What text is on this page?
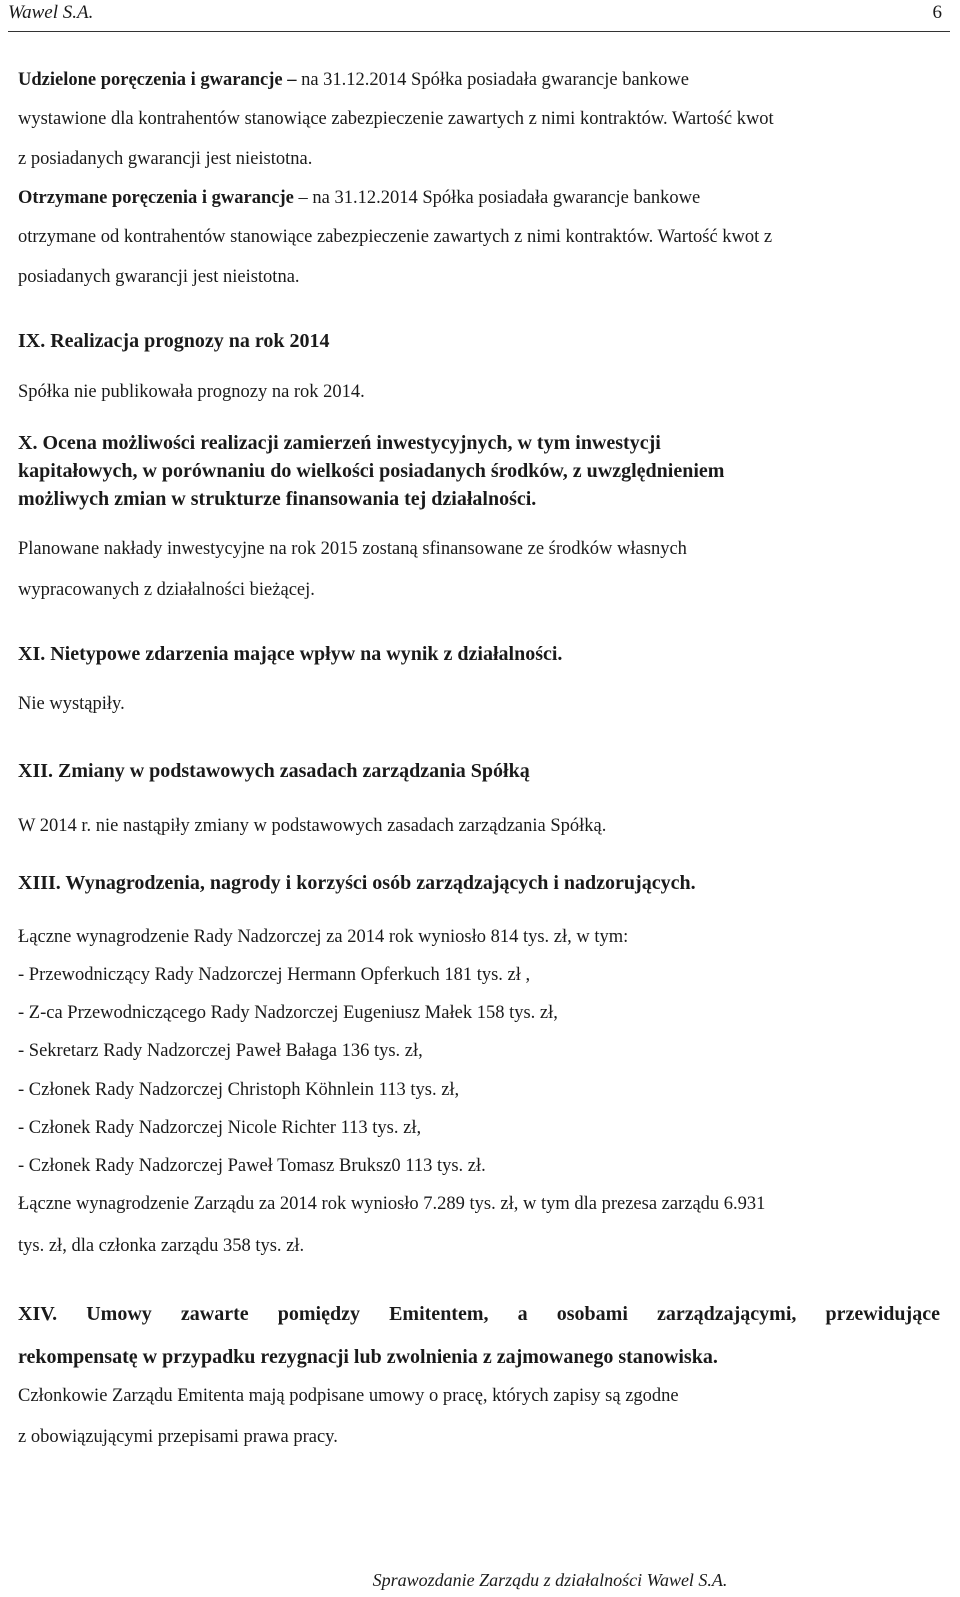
Wawel S.A.	6
Udzielone poręczenia i gwarancje – na 31.12.2014 Spółka posiadała gwarancje bankowe
wystawione dla kontrahentów stanowiące zabezpieczenie zawartych z nimi kontraktów. Wartość kwot
z posiadanych gwarancji jest nieistotna.
Otrzymane poręczenia i gwarancje – na 31.12.2014 Spółka posiadała gwarancje bankowe
otrzymane od kontrahentów stanowiące zabezpieczenie zawartych z nimi kontraktów. Wartość kwot z
posiadanych gwarancji jest nieistotna.
IX. Realizacja prognozy na rok 2014
Spółka nie publikowała prognozy na rok 2014.
X. Ocena możliwości realizacji zamierzeń inwestycyjnych, w tym inwestycji
kapitałowych, w porównaniu do wielkości posiadanych środków, z uwzględnieniem
możliwych zmian w strukturze finansowania tej działalności.
Planowane nakłady inwestycyjne na rok 2015 zostaną sfinansowane ze środków własnych
wypracowanych z działalności bieżącej.
XI. Nietypowe zdarzenia mające wpływ na wynik z działalności.
Nie wystąpiły.
XII. Zmiany w podstawowych zasadach zarządzania Spółką
W 2014 r. nie nastąpiły zmiany w podstawowych zasadach zarządzania Spółką.
XIII. Wynagrodzenia, nagrody i korzyści osób zarządzających i nadzorujących.
Łączne wynagrodzenie Rady Nadzorczej za 2014 rok wyniosło 814 tys. zł, w tym:
- Przewodniczący Rady Nadzorczej Hermann Opferkuch 181 tys. zł ,
- Z-ca Przewodniczącego Rady Nadzorczej Eugeniusz Małek 158 tys. zł,
- Sekretarz Rady Nadzorczej Paweł Bałaga 136 tys. zł,
- Członek Rady Nadzorczej Christoph Köhnlein 113 tys. zł,
- Członek Rady Nadzorczej Nicole Richter 113 tys. zł,
- Członek Rady Nadzorczej Paweł Tomasz Bruksz0 113 tys. zł.
Łączne wynagrodzenie Zarządu za 2014 rok wyniosło 7.289 tys. zł, w tym dla prezesa zarządu 6.931
tys. zł, dla członka zarządu 358 tys. zł.
XIV. Umowy zawarte pomiędzy Emitentem, a osobami zarządzającymi, przewidujące
rekompensatę w przypadku rezygnacji lub zwolnienia z zajmowanego stanowiska.
Członkowie Zarządu Emitenta mają podpisane umowy o pracę, których zapisy są zgodne
z obowiązującymi przepisami prawa pracy.
Sprawozdanie Zarządu z działalności Wawel S.A.
